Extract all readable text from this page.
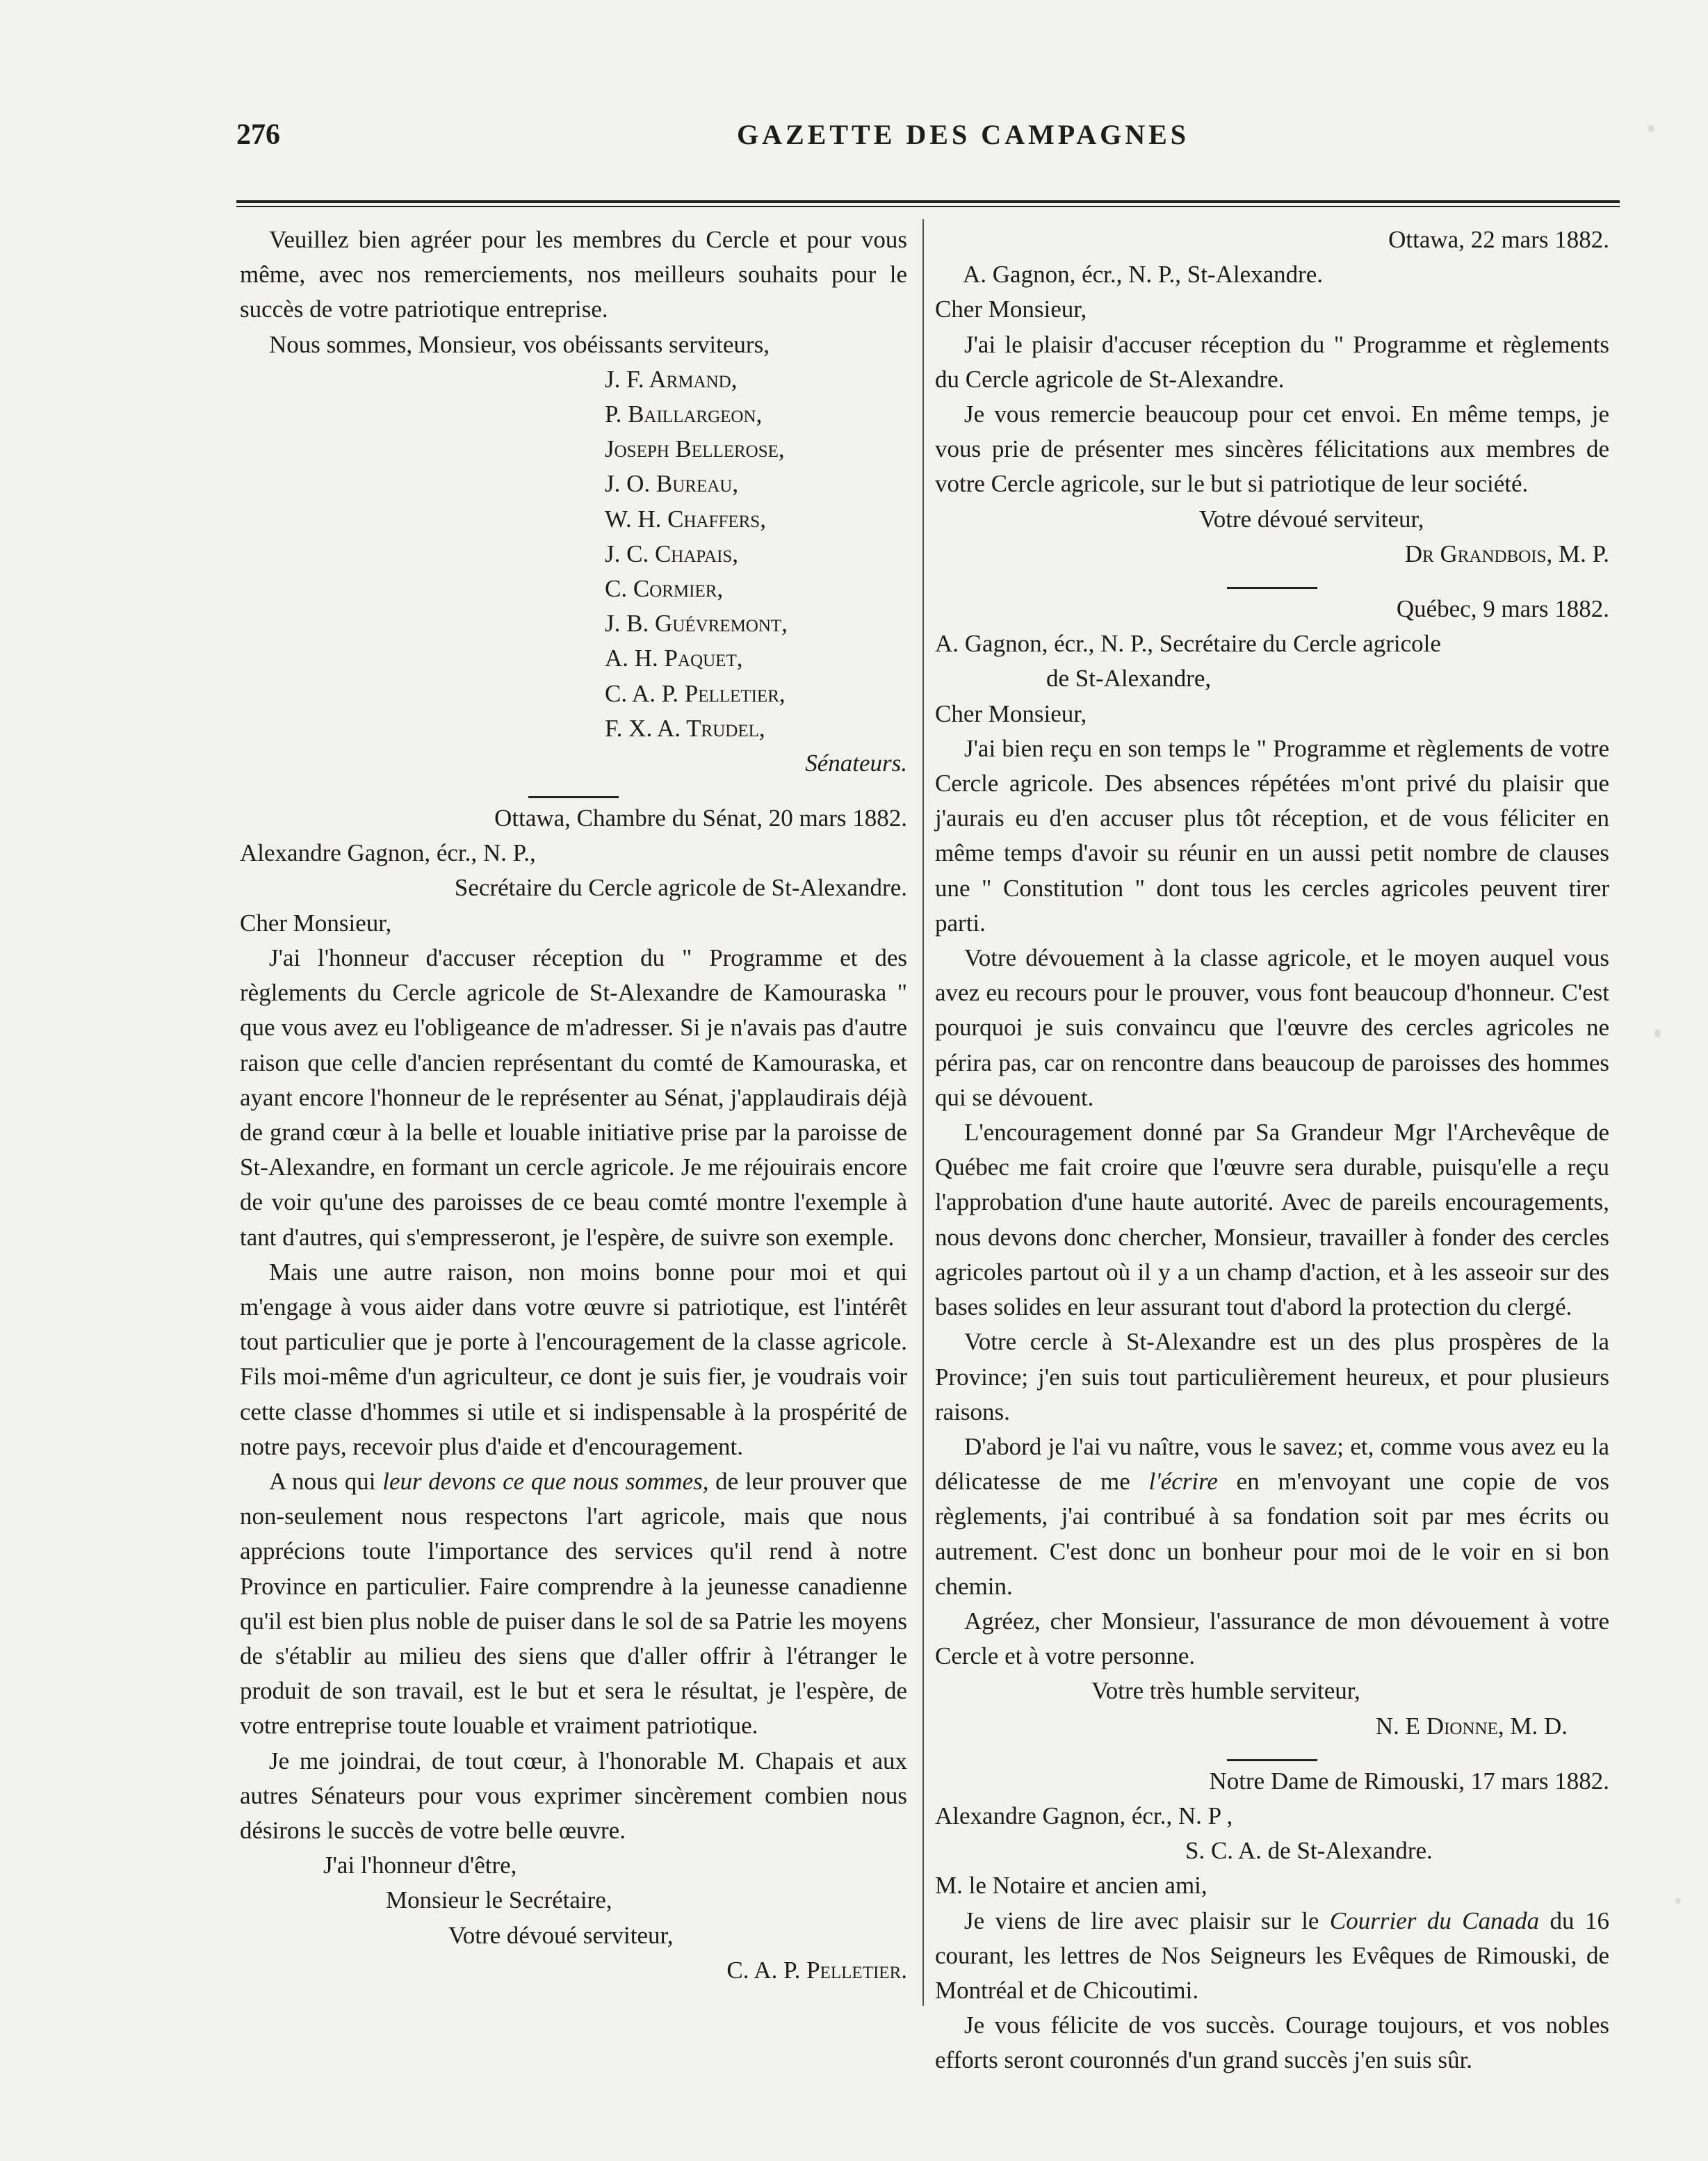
276	GAZETTE DES CAMPAGNES

Veuillez bien agréer pour les membres du Cercle et pour vous même, avec nos remerciements, nos meilleurs souhaits pour le succès de votre patriotique entreprise.

Nous sommes, Monsieur, vos obéissants serviteurs,

J. F. Armand,
P. Baillargeon,
Joseph Bellerose,
J. O. Bureau,
W. H. Chaffers,
J. C. Chapais,
C. Cormier,
J. B. Guévremont,
A. H. Paquet,
C. A. P. Pelletier,
F. X. A. Trudel,

Sénateurs.

Ottawa, Chambre du Sénat, 20 mars 1882.

Alexandre Gagnon, écr., N. P.,

Secrétaire du Cercle agricole de St-Alexandre.

Cher Monsieur,

J'ai l'honneur d'accuser réception du " Programme et des règlements du Cercle agricole de St-Alexandre de Kamouraska " que vous avez eu l'obligeance de m'adresser. Si je n'avais pas d'autre raison que celle d'ancien représentant du comté de Kamouraska, et ayant encore l'honneur de le représenter au Sénat, j'applaudirais déjà de grand cœur à la belle et louable initiative prise par la paroisse de St-Alexandre, en formant un cercle agricole. Je me réjouirais encore de voir qu'une des paroisses de ce beau comté montre l'exemple à tant d'autres, qui s'empresseront, je l'espère, de suivre son exemple.

Mais une autre raison, non moins bonne pour moi et qui m'engage à vous aider dans votre œuvre si patriotique, est l'intérêt tout particulier que je porte à l'encouragement de la classe agricole. Fils moi-même d'un agriculteur, ce dont je suis fier, je voudrais voir cette classe d'hommes si utile et si indispensable à la prospérité de notre pays, recevoir plus d'aide et d'encouragement.

A nous qui leur devons ce que nous sommes, de leur prouver que non-seulement nous respectons l'art agricole, mais que nous apprécions toute l'importance des services qu'il rend à notre Province en particulier. Faire comprendre à la jeunesse canadienne qu'il est bien plus noble de puiser dans le sol de sa Patrie les moyens de s'établir au milieu des siens que d'aller offrir à l'étranger le produit de son travail, est le but et sera le résultat, je l'espère, de votre entreprise toute louable et vraiment patriotique.

Je me joindrai, de tout cœur, à l'honorable M. Chapais et aux autres Sénateurs pour vous exprimer sincèrement combien nous désirons le succès de votre belle œuvre.

J'ai l'honneur d'être,

Monsieur le Secrétaire,

Votre dévoué serviteur,

C. A. P. Pelletier.

Ottawa, 22 mars 1882.

A. Gagnon, écr., N. P., St-Alexandre.

Cher Monsieur,

J'ai le plaisir d'accuser réception du " Programme et règlements du Cercle agricole de St-Alexandre.

Je vous remercie beaucoup pour cet envoi. En même temps, je vous prie de présenter mes sincères félicitations aux membres de votre Cercle agricole, sur le but si patriotique de leur société.

Votre dévoué serviteur,

Dr Grandbois, M. P.

Québec, 9 mars 1882.

A. Gagnon, écr., N. P., Secrétaire du Cercle agricole

de St-Alexandre,

Cher Monsieur,

J'ai bien reçu en son temps le " Programme et règlements de votre Cercle agricole. Des absences répétées m'ont privé du plaisir que j'aurais eu d'en accuser plus tôt réception, et de vous féliciter en même temps d'avoir su réunir en un aussi petit nombre de clauses une " Constitution " dont tous les cercles agricoles peuvent tirer parti.

Votre dévouement à la classe agricole, et le moyen auquel vous avez eu recours pour le prouver, vous font beaucoup d'honneur. C'est pourquoi je suis convaincu que l'œuvre des cercles agricoles ne périra pas, car on rencontre dans beaucoup de paroisses des hommes qui se dévouent.

L'encouragement donné par Sa Grandeur Mgr l'Archevêque de Québec me fait croire que l'œuvre sera durable, puisqu'elle a reçu l'approbation d'une haute autorité. Avec de pareils encouragements, nous devons donc chercher, Monsieur, travailler à fonder des cercles agricoles partout où il y a un champ d'action, et à les asseoir sur des bases solides en leur assurant tout d'abord la protection du clergé.

Votre cercle à St-Alexandre est un des plus prospères de la Province; j'en suis tout particulièrement heureux, et pour plusieurs raisons.

D'abord je l'ai vu naître, vous le savez; et, comme vous avez eu la délicatesse de me l'écrire en m'envoyant une copie de vos règlements, j'ai contribué à sa fondation soit par mes écrits ou autrement. C'est donc un bonheur pour moi de le voir en si bon chemin.

Agréez, cher Monsieur, l'assurance de mon dévouement à votre Cercle et à votre personne.

Votre très humble serviteur,

N. E Dionne, M. D.

Notre Dame de Rimouski, 17 mars 1882.

Alexandre Gagnon, écr., N. P ,

S. C. A. de St-Alexandre.

M. le Notaire et ancien ami,

Je viens de lire avec plaisir sur le Courrier du Canada du 16 courant, les lettres de Nos Seigneurs les Evêques de Rimouski, de Montréal et de Chicoutimi.

Je vous félicite de vos succès. Courage toujours, et vos nobles efforts seront couronnés d'un grand succès j'en suis sûr.
